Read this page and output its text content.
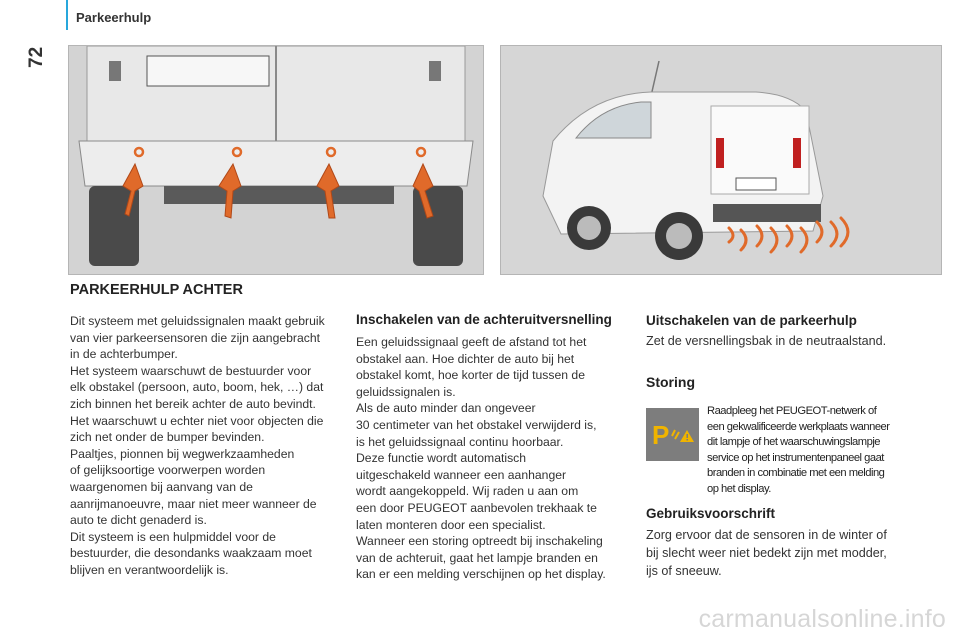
Parkeerhulp
72
PARKEERHULP ACHTER
Dit systeem met geluidssignalen maakt gebruik
van vier parkeersensoren die zijn aangebracht
in de achterbumper.
Het systeem waarschuwt de bestuurder voor
elk obstakel (persoon, auto, boom, hek, …) dat
zich binnen het bereik achter de auto bevindt.
Het waarschuwt u echter niet voor objecten die
zich net onder de bumper bevinden.
Paaltjes, pionnen bij wegwerkzaamheden
of gelijksoortige voorwerpen worden
waargenomen bij aanvang van de
aanrijmanoeuvre, maar niet meer wanneer de
auto te dicht genaderd is.
Dit systeem is een hulpmiddel voor de
bestuurder, die desondanks waakzaam moet
blijven en verantwoordelijk is.
Inschakelen van de achteruitversnelling
Een geluidssignaal geeft de afstand tot het
obstakel aan. Hoe dichter de auto bij het
obstakel komt, hoe korter de tijd tussen de
geluidssignalen is.
Als de auto minder dan ongeveer
30 centimeter van het obstakel verwijderd is,
is het geluidssignaal continu hoorbaar.
Deze functie wordt automatisch
uitgeschakeld wanneer een aanhanger
wordt aangekoppeld. Wij raden u aan om
een door PEUGEOT aanbevolen trekhaak te
laten monteren door een specialist.
Wanneer een storing optreedt bij inschakeling
van de achteruit, gaat het lampje branden en
kan er een melding verschijnen op het display.
Uitschakelen van de parkeerhulp
Zet de versnellingsbak in de neutraalstand.
Storing
P
Raadpleeg het PEUGEOT-netwerk of
een gekwalificeerde werkplaats wanneer
dit lampje of het waarschuwingslampje
service op het instrumentenpaneel gaat
branden in combinatie met een melding
op het display.
Gebruiksvoorschrift
Zorg ervoor dat de sensoren in de winter of
bij slecht weer niet bedekt zijn met modder,
ijs of sneeuw.
carmanualsonline.info
